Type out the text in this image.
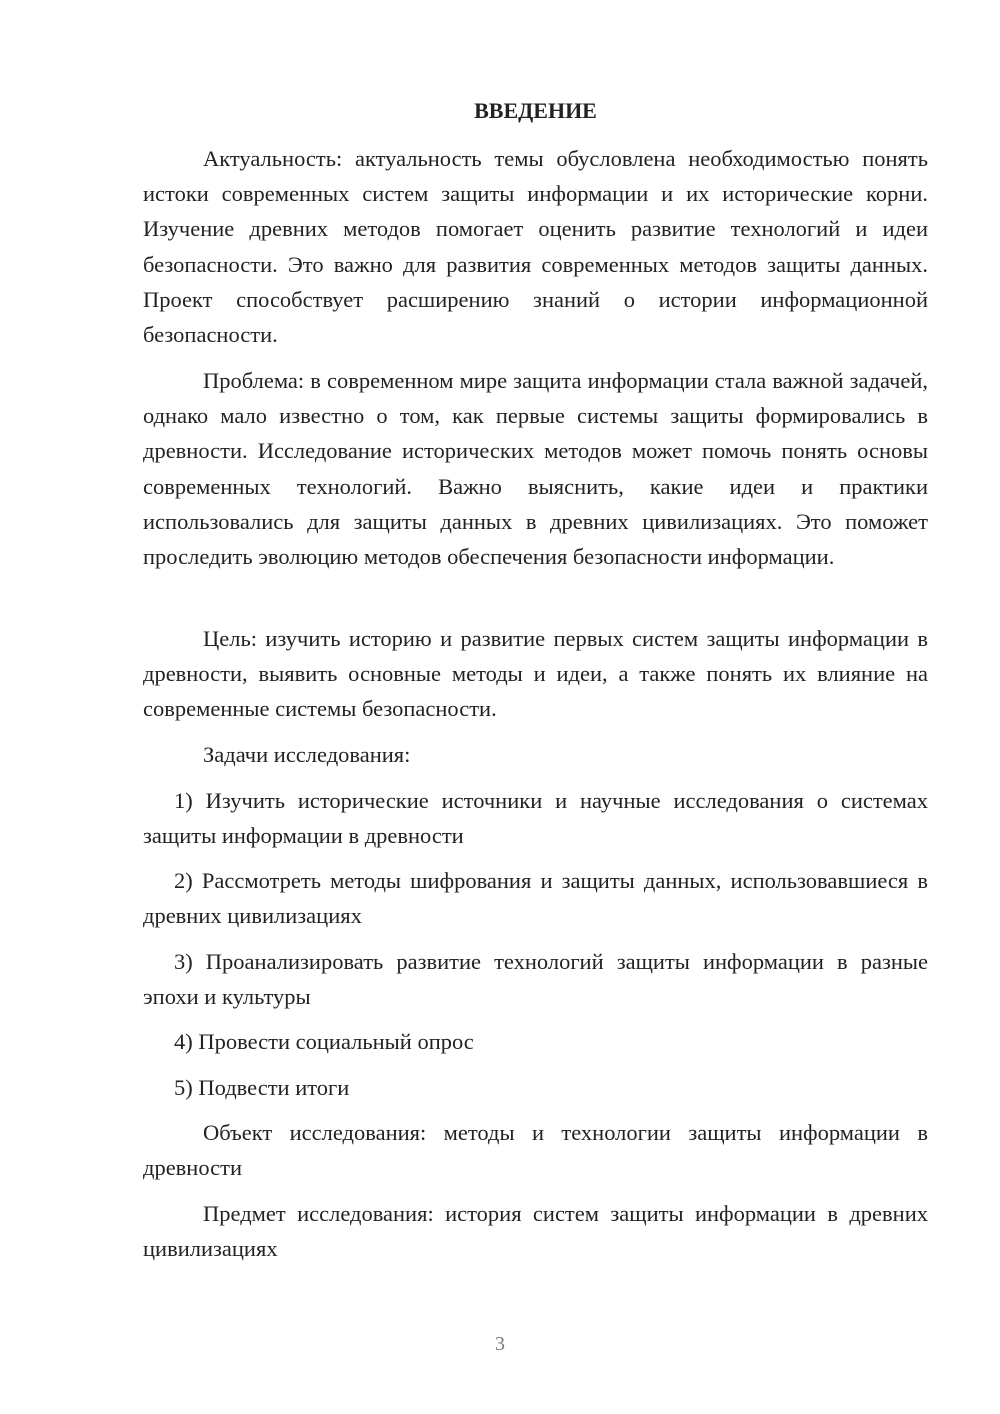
ВВЕДЕНИЕ

Актуальность: актуальность темы обусловлена необходимостью понять истоки современных систем защиты информации и их исторические корни. Изучение древних методов помогает оценить развитие технологий и идеи безопасности. Это важно для развития современных методов защиты данных. Проект способствует расширению знаний о истории информационной безопасности.

Проблема: в современном мире защита информации стала важной задачей, однако мало известно о том, как первые системы защиты формировались в древности. Исследование исторических методов может помочь понять основы современных технологий. Важно выяснить, какие идеи и практики использовались для защиты данных в древних цивилизациях. Это поможет проследить эволюцию методов обеспечения безопасности информации.

Цель: изучить историю и развитие первых систем защиты информации в древности, выявить основные методы и идеи, а также понять их влияние на современные системы безопасности.

Задачи исследования:

1) Изучить исторические источники и научные исследования о системах защиты информации в древности

2) Рассмотреть методы шифрования и защиты данных, использовавшиеся в древних цивилизациях

3) Проанализировать развитие технологий защиты информации в разные эпохи и культуры

4) Провести социальный опрос

5) Подвести итоги

Объект исследования: методы и технологии защиты информации в древности

Предмет исследования: история систем защиты информации в древних цивилизациях

3
